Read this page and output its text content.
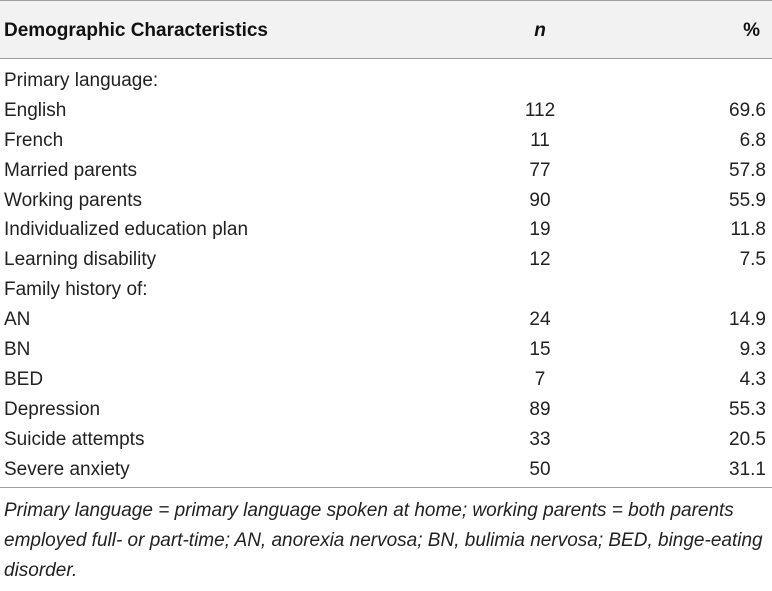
Demographic Characteristics	n	%
Primary language:
English	112	69.6
French	11	6.8
Married parents	77	57.8
Working parents	90	55.9
Individualized education plan	19	11.8
Learning disability	12	7.5
Family history of:
AN	24	14.9
BN	15	9.3
BED	7	4.3
Depression	89	55.3
Suicide attempts	33	20.5
Severe anxiety	50	31.1
Primary language = primary language spoken at home; working parents = both parents employed full- or part-time; AN, anorexia nervosa; BN, bulimia nervosa; BED, binge-eating disorder.
